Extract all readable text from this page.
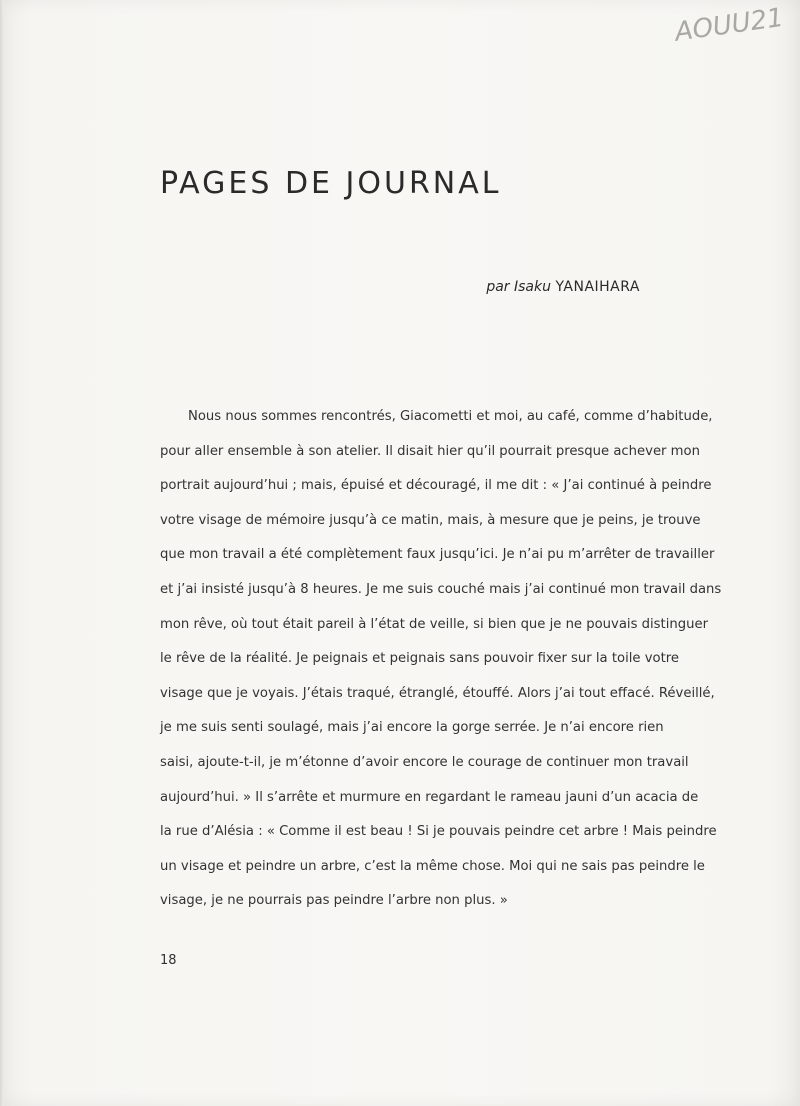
AOUU21
PAGES DE JOURNAL
par Isaku YANAIHARA
Nous nous sommes rencontrés, Giacometti et moi, au café, comme d’habitude,
pour aller ensemble à son atelier. Il disait hier qu’il pourrait presque achever mon
portrait aujourd’hui ; mais, épuisé et découragé, il me dit : « J’ai continué à peindre
votre visage de mémoire jusqu’à ce matin, mais, à mesure que je peins, je trouve
que mon travail a été complètement faux jusqu’ici. Je n’ai pu m’arrêter de travailler
et j’ai insisté jusqu’à 8 heures. Je me suis couché mais j’ai continué mon travail dans
mon rêve, où tout était pareil à l’état de veille, si bien que je ne pouvais distinguer
le rêve de la réalité. Je peignais et peignais sans pouvoir fixer sur la toile votre
visage que je voyais. J’étais traqué, étranglé, étouffé. Alors j’ai tout effacé. Réveillé,
je me suis senti soulagé, mais j’ai encore la gorge serrée. Je n’ai encore rien
saisi, ajoute-t-il, je m’étonne d’avoir encore le courage de continuer mon travail
aujourd’hui. » Il s’arrête et murmure en regardant le rameau jauni d’un acacia de
la rue d’Alésia : « Comme il est beau ! Si je pouvais peindre cet arbre ! Mais peindre
un visage et peindre un arbre, c’est la même chose. Moi qui ne sais pas peindre le
visage, je ne pourrais pas peindre l’arbre non plus. »
18
